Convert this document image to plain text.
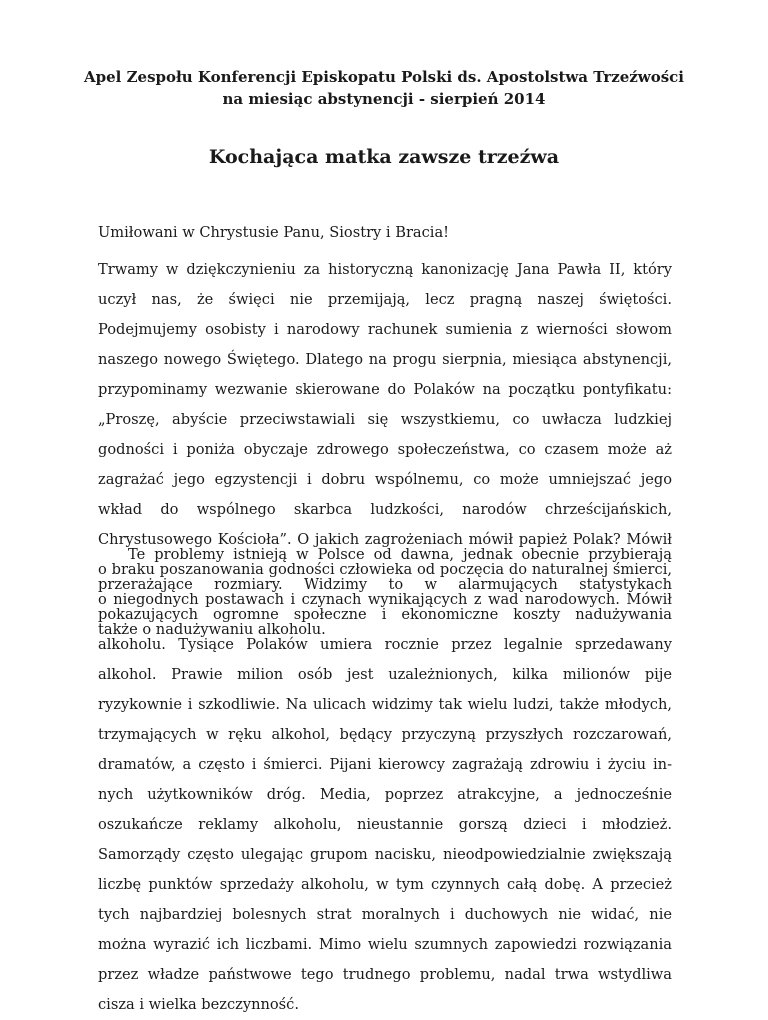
Apel Zespołu Konferencji Episkopatu Polski ds. Apostolstwa Trzeźwości
na miesiąc abstynencji - sierpień 2014
Kochająca matka zawsze trzeźwa

Umiłowani w Chrystusie Panu, Siostry i Bracia!

Trwamy w dziękczynieniu za historyczną kanonizację Jana Pawła II, który uczył nas, że święci nie przemijają, lecz pragną naszej świętości. Podejmujemy osobisty i narodowy rachunek sumienia z wierności słowom naszego nowego Świętego. Dlatego na progu sierpnia, miesiąca abstynencji, przypominamy wezwanie skierowane do Polaków na początku pontyfikatu: „Proszę, abyście przeciwstawiali się wszystkiemu, co uwłacza ludzkiej godności i poniża obyczaje zdrowego społeczeństwa, co czasem może aż zagrażać jego egzystencji i dobru wspólnemu, co może umniejszać jego wkład do wspólnego skarbca ludzkości, narodów chrześcijańskich, Chrystusowego Kościoła”. O jakich zagrożeniach mówił papież Polak? Mówił o braku poszanowania godności człowieka od poczęcia do naturalnej śmierci, o niegodnych postawach i czynach wynikających z wad narodowych. Mówił także o nadużywaniu alkoholu.

Te problemy istnieją w Polsce od dawna, jednak obecnie przybierają przerażające rozmiary. Widzimy to w alarmujących statystykach pokazujących ogromne społeczne i ekonomiczne koszty nadużywania alkoholu. Tysiące Polaków umiera rocznie przez legalnie sprzedawany alkohol. Prawie milion osób jest uzależnionych, kilka milionów pije ryzykownie i szkodliwie. Na ulicach widzimy tak wielu ludzi, także młodych, trzymających w ręku alkohol, będący przyczyną przyszłych rozczarowań, dramatów, a często i śmierci. Pijani kierowcy zagrażają zdrowiu i życiu innych użytkowników dróg. Media, poprzez atrakcyjne, a jednocześnie oszukańcze reklamy alkoholu, nieustannie gorszą dzieci i młodzież. Samorządy często ulegając grupom nacisku, nieodpowiedzialnie zwiększają liczbę punktów sprzedaży alkoholu, w tym czynnych całą dobę. A przecież tych najbardziej bolesnych strat moralnych i duchowych nie widać, nie można wyrazić ich liczbami. Mimo wielu szumnych zapowiedzi rozwiązania przez władze państwowe tego trudnego problemu, nadal trwa wstydliwa cisza i wielka bezczynność.
